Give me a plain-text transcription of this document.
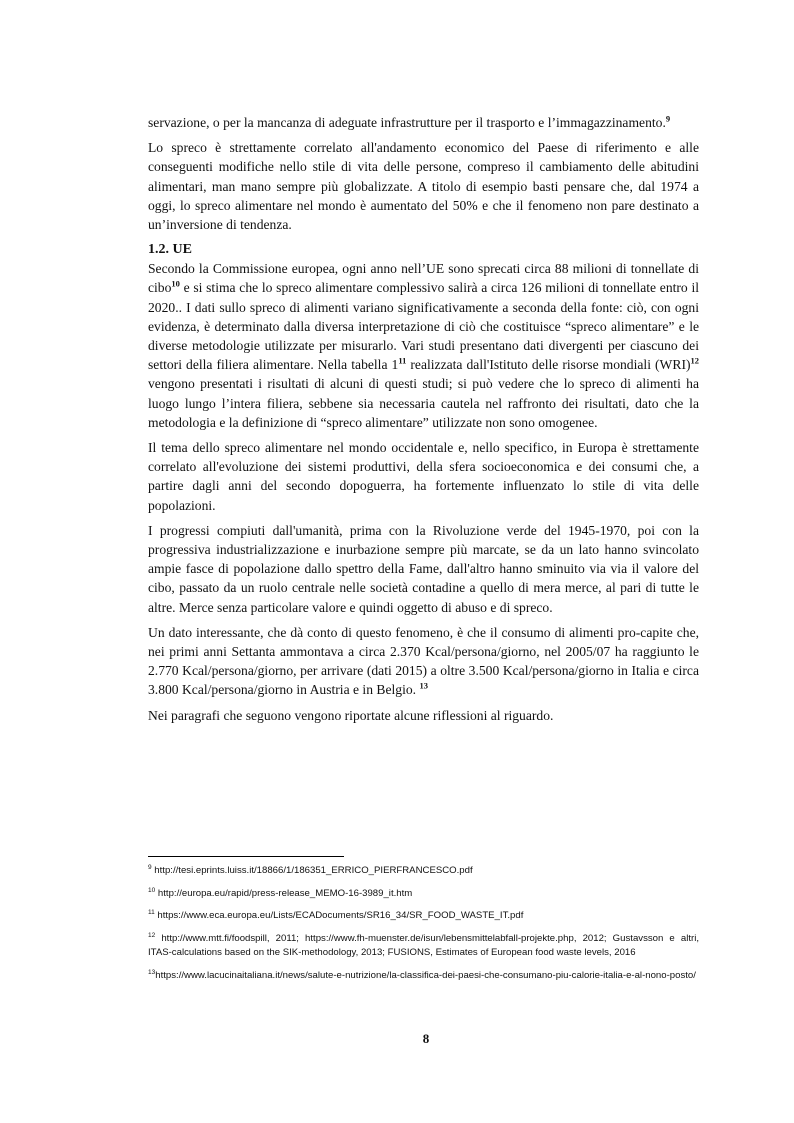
servazione, o per la mancanza di adeguate infrastrutture per il trasporto e l’immagazzinamento.$^9$

Lo spreco è strettamente correlato all'andamento economico del Paese di riferimento e alle conseguenti modifiche nello stile di vita delle persone, compreso il cambiamento delle abitudini alimentari, man mano sempre più globalizzate. A titolo di esempio basti pensare che, dal 1974 a oggi, lo spreco alimentare nel mondo è aumentato del 50% e che il fenomeno non pare destinato a un’inversione di tendenza.

1.2. UE

Secondo la Commissione europea, ogni anno nell’UE sono sprecati circa 88 milioni di tonnellate di cibo$^{10}$ e si stima che lo spreco alimentare complessivo salirà a circa 126 milioni di tonnellate entro il 2020.. I dati sullo spreco di alimenti variano significativamente a seconda della fonte: ciò, con ogni evidenza, è determinato dalla diversa interpretazione di ciò che costituisce “spreco alimentare” e le diverse metodologie utilizzate per misurarlo. Vari studi presentano dati divergenti per ciascuno dei settori della filiera alimentare. Nella tabella $1^{11}$ realizzata dall'Istituto delle risorse mondiali (WRI)$^{12}$ vengono presentati i risultati di alcuni di questi studi; si può vedere che lo spreco di alimenti ha luogo lungo l’intera filiera, sebbene sia necessaria cautela nel raffronto dei risultati, dato che la metodologia e la definizione di “spreco alimentare” utilizzate non sono omogenee.

Il tema dello spreco alimentare nel mondo occidentale e, nello specifico, in Europa è strettamente correlato all'evoluzione dei sistemi produttivi, della sfera socioeconomica e dei consumi che, a partire dagli anni del secondo dopoguerra, ha fortemente influenzato lo stile di vita delle popolazioni.

I progressi compiuti dall'umanità, prima con la Rivoluzione verde del 1945-1970, poi con la progressiva industrializzazione e inurbazione sempre più marcate, se da un lato hanno svincolato ampie fasce di popolazione dallo spettro della Fame, dall'altro hanno sminuito via via il valore del cibo, passato da un ruolo centrale nelle società contadine a quello di mera merce, al pari di tutte le altre. Merce senza particolare valore e quindi oggetto di abuso e di spreco.

Un dato interessante, che dà conto di questo fenomeno, è che il consumo di alimenti pro-capite che, nei primi anni Settanta ammontava a circa 2.370 Kcal/persona/giorno, nel 2005/07 ha raggiunto le 2.770 Kcal/persona/giorno, per arrivare (dati 2015) a oltre 3.500 Kcal/persona/giorno in Italia e circa 3.800 Kcal/persona/giorno in Austria e in Belgio. $^{13}$

Nei paragrafi che seguono vengono riportate alcune riflessioni al riguardo.

$^9$ http://tesi.eprints.luiss.it/18866/1/186351_ERRICO_PIERFRANCESCO.pdf

$^{10}$ http://europa.eu/rapid/press-release_MEMO-16-3989_it.htm

$^{11}$ https://www.eca.europa.eu/Lists/ECADocuments/SR16_34/SR_FOOD_WASTE_IT.pdf

$^{12}$ http://www.mtt.fi/foodspill, 2011; https://www.fh-muenster.de/isun/lebensmittelabfall-projekte.php, 2012; Gustavsson e altri, ITAS-calculations based on the SIK-methodology, 2013; FUSIONS, Estimates of European food waste levels, 2016

$^{13}$https://www.lacucinaitaliana.it/news/salute-e-nutrizione/la-classifica-dei-paesi-che-consumano-piu-calorie-italia-e-al-nono-posto/

8
